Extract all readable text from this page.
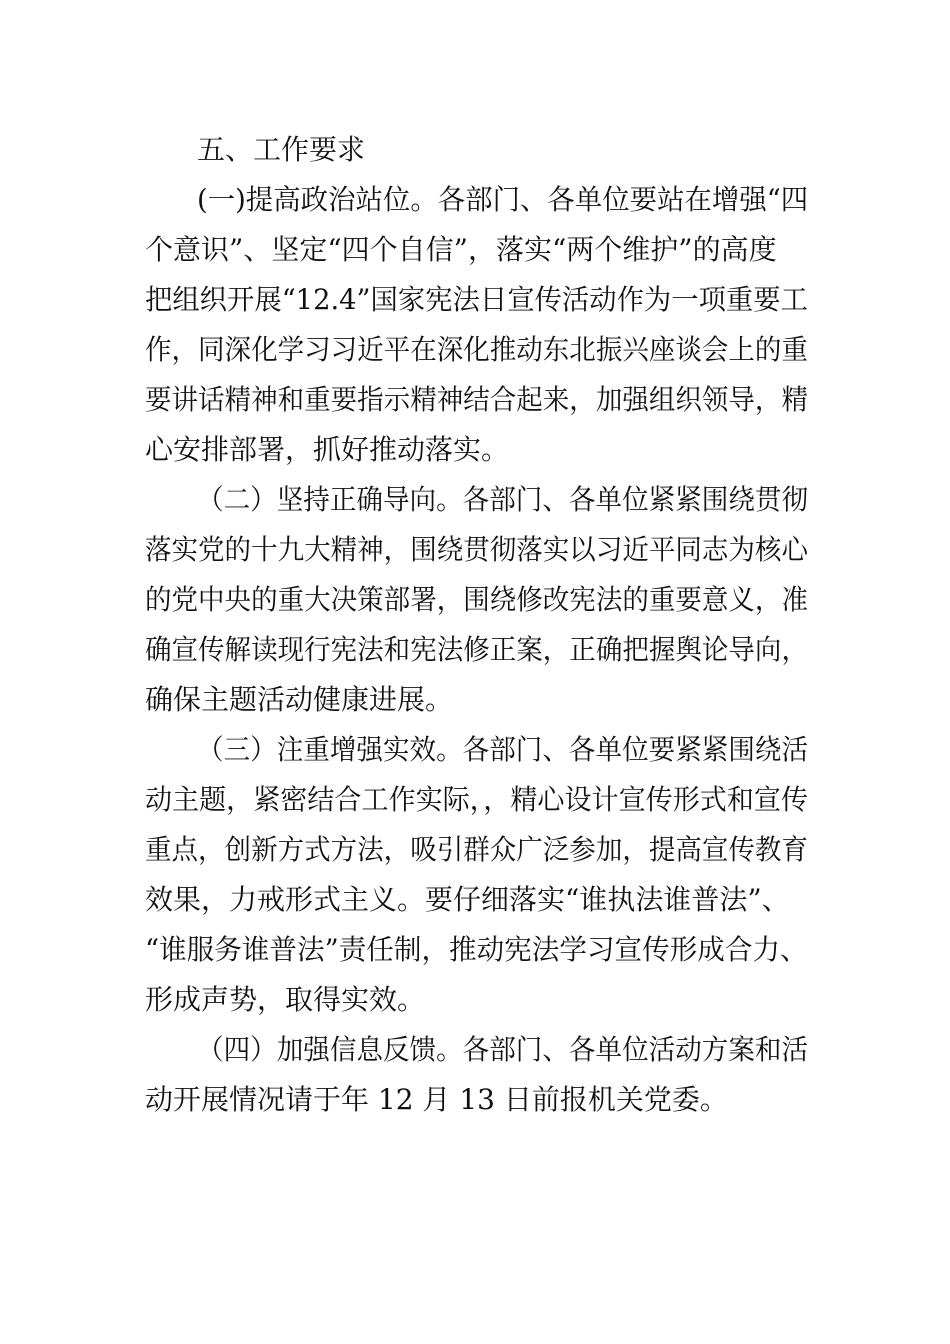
五、工作要求
(一)提高政治站位。各部门、各单位要站在增强“四
个意识”、坚定“四个自信”，落实“两个维护”的高度
把组织开展“12.4”国家宪法日宣传活动作为一项重要工
作，同深化学习习近平在深化推动东北振兴座谈会上的重
要讲话精神和重要指示精神结合起来，加强组织领导，精
心安排部署，抓好推动落实。
（二）坚持正确导向。各部门、各单位紧紧围绕贯彻
落实党的十九大精神，围绕贯彻落实以习近平同志为核心
的党中央的重大决策部署，围绕修改宪法的重要意义，准
确宣传解读现行宪法和宪法修正案，正确把握舆论导向，
确保主题活动健康进展。
（三）注重增强实效。各部门、各单位要紧紧围绕活
动主题，紧密结合工作实际，，精心设计宣传形式和宣传
重点，创新方式方法，吸引群众广泛参加，提高宣传教育
效果，力戒形式主义。要仔细落实“谁执法谁普法”、
“谁服务谁普法”责任制，推动宪法学习宣传形成合力、
形成声势，取得实效。
（四）加强信息反馈。各部门、各单位活动方案和活
动开展情况请于年 12 月 13 日前报机关党委。
